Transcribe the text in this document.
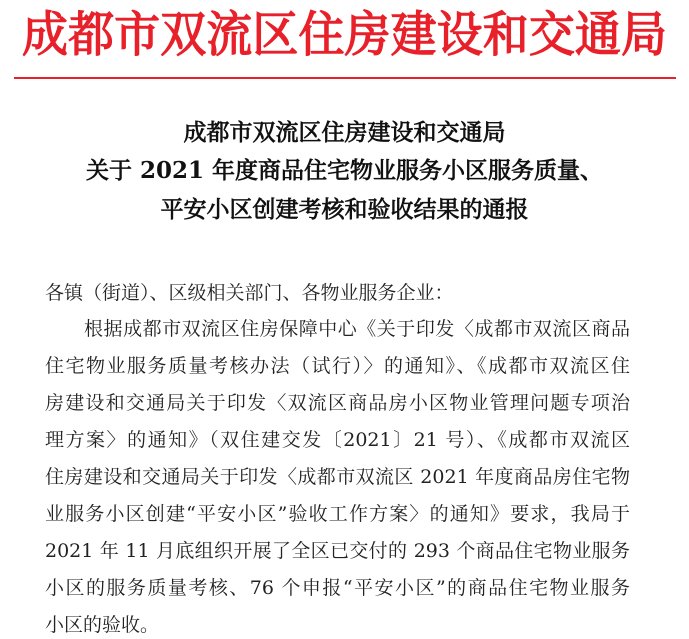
成都市双流区住房建设和交通局
成都市双流区住房建设和交通局
关于 2021 年度商品住宅物业服务小区服务质量、
平安小区创建考核和验收结果的通报
各镇（街道）、区级相关部门、各物业服务企业：
　　根据成都市双流区住房保障中心《关于印发〈成都市双流区商品
住宅物业服务质量考核办法（试行）〉的通知》、《成都市双流区住
房建设和交通局关于印发〈双流区商品房小区物业管理问题专项治
理方案〉的通知》（双住建交发〔2021〕21 号）、《成都市双流区
住房建设和交通局关于印发〈成都市双流区 2021 年度商品房住宅物
业服务小区创建“平安小区”验收工作方案〉的通知》要求，我局于
2021 年 11 月底组织开展了全区已交付的 293 个商品住宅物业服务
小区的服务质量考核、76 个申报“平安小区”的商品住宅物业服务
小区的验收。
